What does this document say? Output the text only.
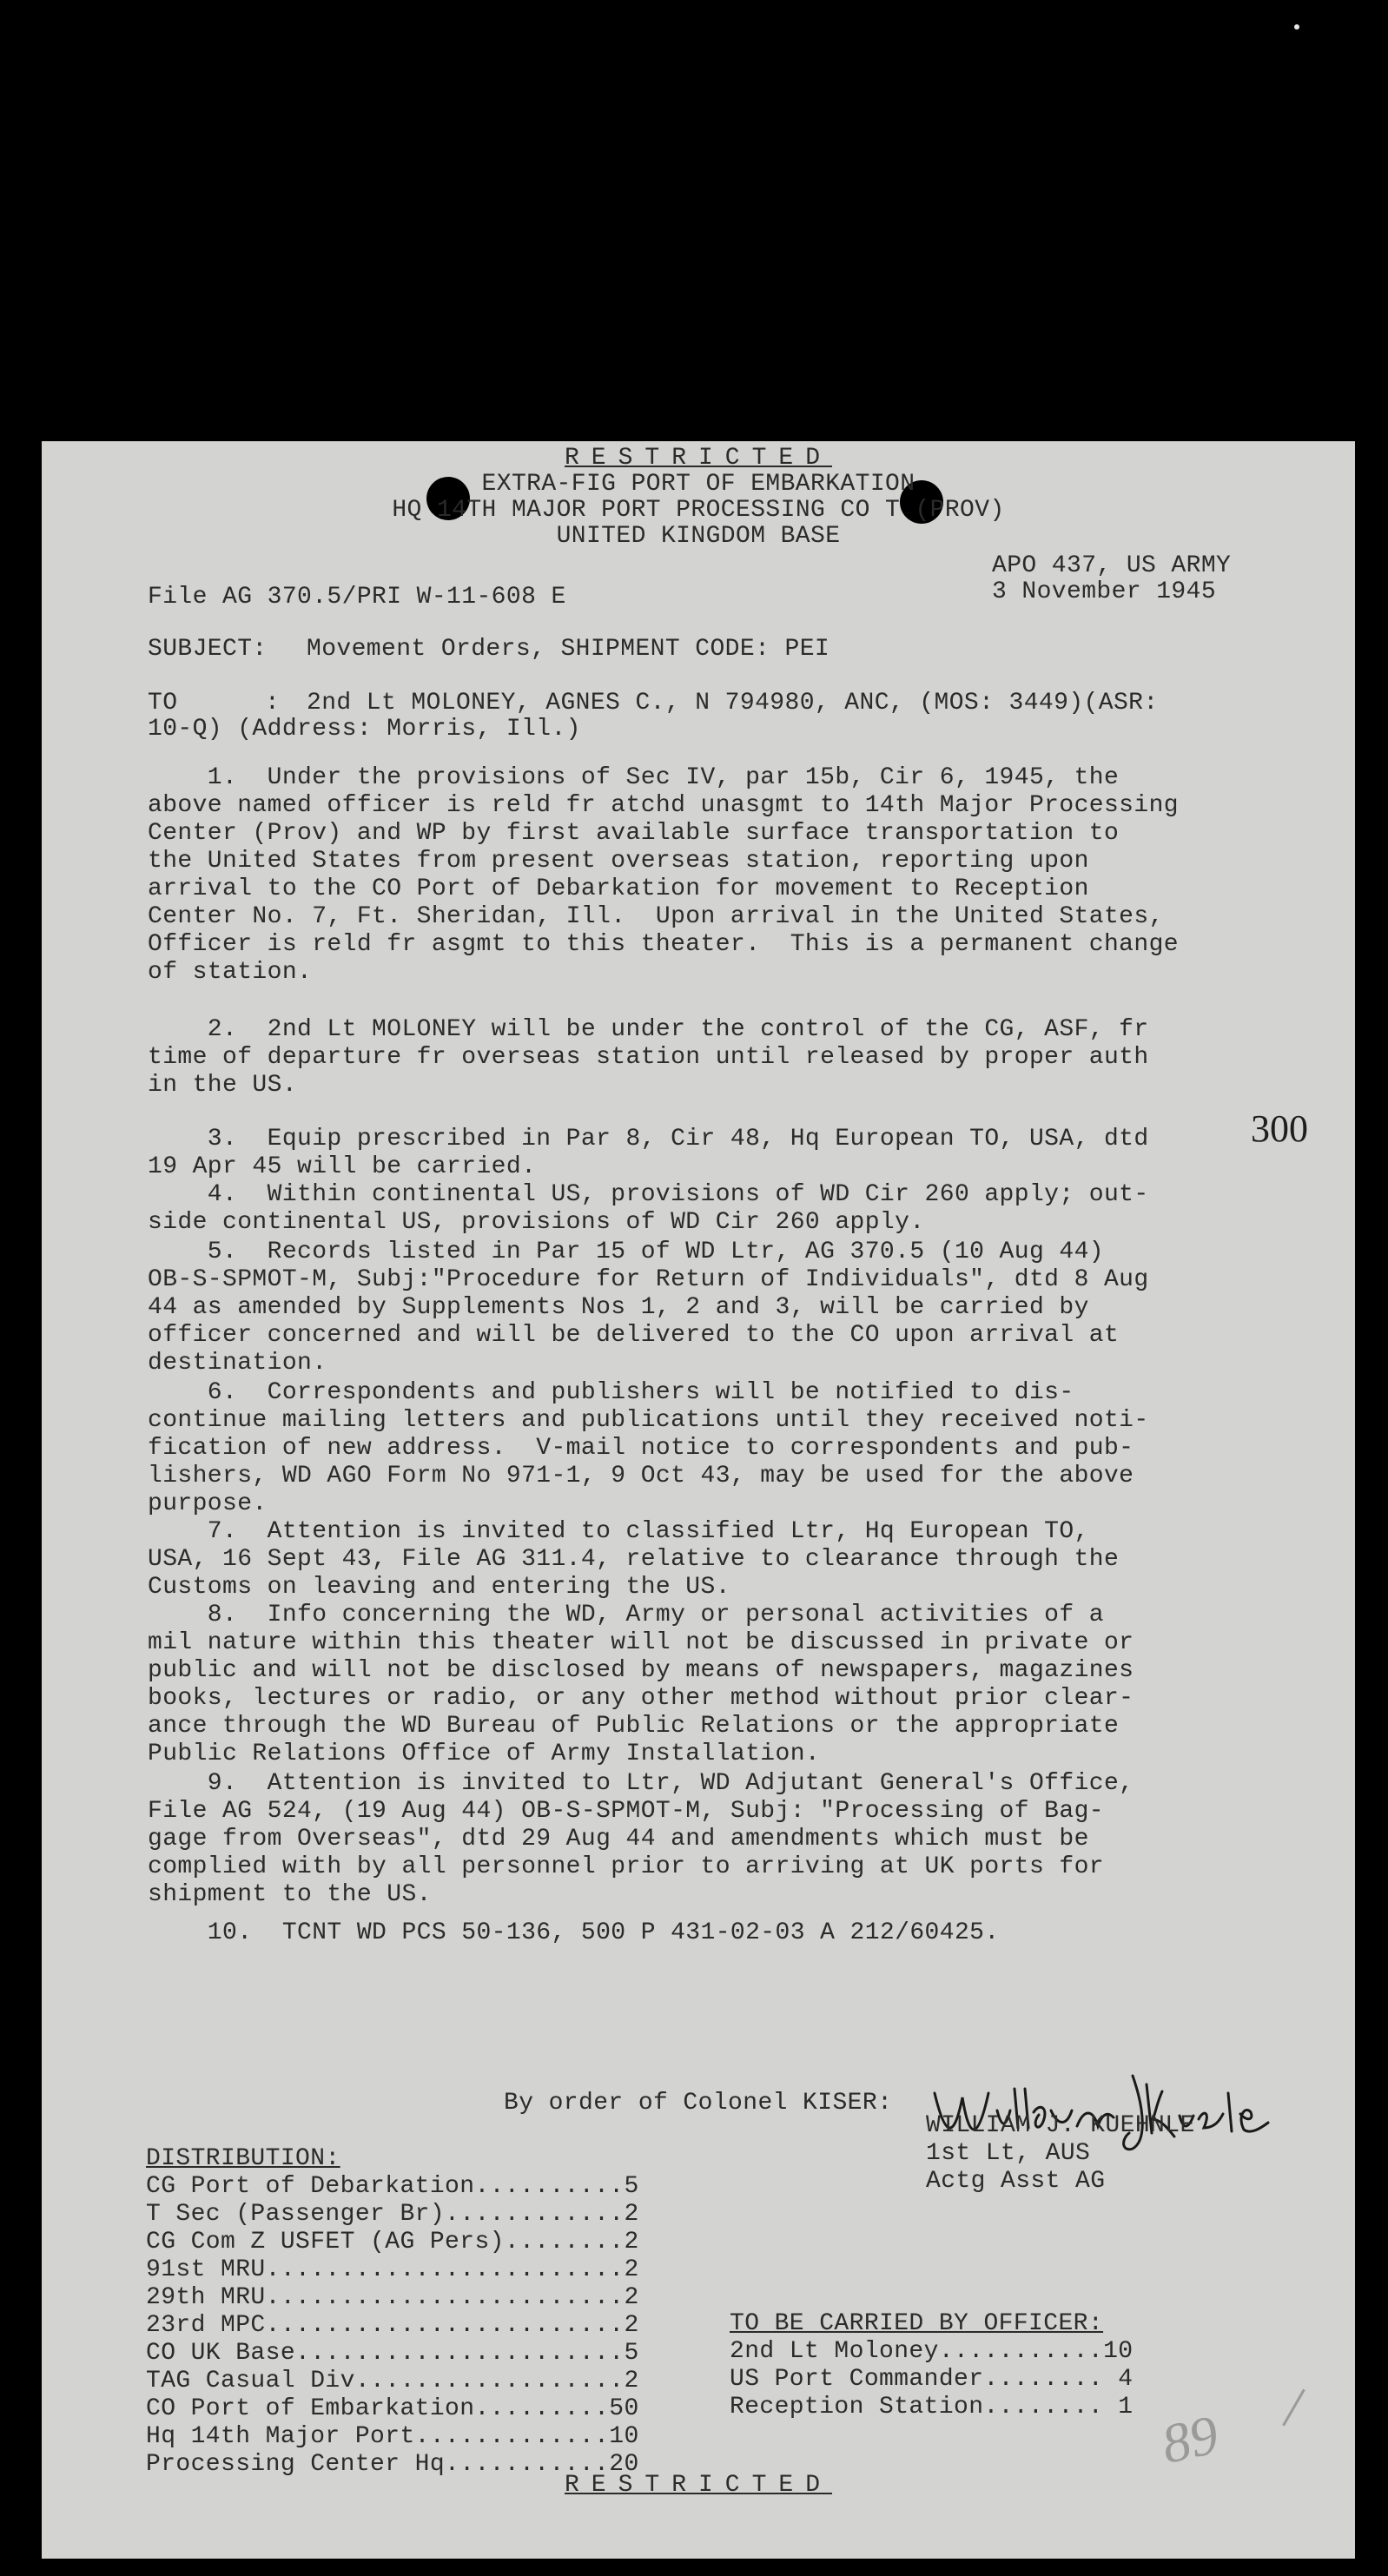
RESTRICTED
EXTRA-FIG PORT OF EMBARKATION
HQ 14TH MAJOR PORT PROCESSING CO T (PROV)
UNITED KINGDOM BASE
APO 437, US ARMY
3 November 1945
File AG 370.5/PRI W-11-608 E
SUBJECT: Movement Orders, SHIPMENT CODE: PEI
TO	: 2nd Lt MOLONEY, AGNES C., N 794980, ANC, (MOS: 3449)(ASR:
10-Q) (Address: Morris, Ill.)
1.  Under the provisions of Sec IV, par 15b, Cir 6, 1945, the
above named officer is reld fr atchd unasgmt to 14th Major Processing
Center (Prov) and WP by first available surface transportation to
the United States from present overseas station, reporting upon
arrival to the CO Port of Debarkation for movement to Reception
Center No. 7, Ft. Sheridan, Ill.  Upon arrival in the United States,
Officer is reld fr asgmt to this theater.  This is a permanent change
of station.
2.  2nd Lt MOLONEY will be under the control of the CG, ASF, fr
time of departure fr overseas station until released by proper auth
in the US.
3.  Equip prescribed in Par 8, Cir 48, Hq European TO, USA, dtd
19 Apr 45 will be carried.
4.  Within continental US, provisions of WD Cir 260 apply; out-
side continental US, provisions of WD Cir 260 apply.
5.  Records listed in Par 15 of WD Ltr, AG 370.5 (10 Aug 44)
OB-S-SPMOT-M, Subj:"Procedure for Return of Individuals", dtd 8 Aug
44 as amended by Supplements Nos 1, 2 and 3, will be carried by
officer concerned and will be delivered to the CO upon arrival at
destination.
6.  Correspondents and publishers will be notified to dis-
continue mailing letters and publications until they received noti-
fication of new address.  V-mail notice to correspondents and pub-
lishers, WD AGO Form No 971-1, 9 Oct 43, may be used for the above
purpose.
7.  Attention is invited to classified Ltr, Hq European TO,
USA, 16 Sept 43, File AG 311.4, relative to clearance through the
Customs on leaving and entering the US.
8.  Info concerning the WD, Army or personal activities of a
mil nature within this theater will not be discussed in private or
public and will not be disclosed by means of newspapers, magazines
books, lectures or radio, or any other method without prior clear-
ance through the WD Bureau of Public Relations or the appropriate
Public Relations Office of Army Installation.
9.  Attention is invited to Ltr, WD Adjutant General's Office,
File AG 524, (19 Aug 44) OB-S-SPMOT-M, Subj: "Processing of Bag-
gage from Overseas", dtd 29 Aug 44 and amendments which must be
complied with by all personnel prior to arriving at UK ports for
shipment to the US.
10.  TCNT WD PCS 50-136, 500 P 431-02-03 A 212/60425.
300
By order of Colonel KISER:
WILLIAM J. KUEHNLE
1st Lt, AUS
Actg Asst AG
DISTRIBUTION:
CG Port of Debarkation..........5
T Sec (Passenger Br)............2
CG Com Z USFET (AG Pers)........2
91st MRU........................2
29th MRU........................2
23rd MPC........................2
CO UK Base......................5
TAG Casual Div..................2
CO Port of Embarkation.........50
Hq 14th Major Port.............10
Processing Center Hq...........20
TO BE CARRIED BY OFFICER:
2nd Lt Moloney...........10
US Port Commander........ 4
Reception Station........ 1 89
RESTRICTED
